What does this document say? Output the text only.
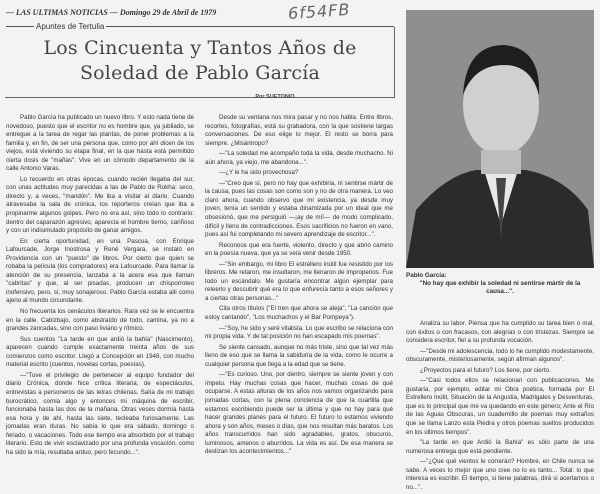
— LAS ULTIMAS NOTICIAS — Domingo 29 de Abril de 1979	6f54FB
Apuntes de Tertulia
Los Cincuenta y Tantos Años de
Soledad de Pablo García
Por SUETONIO

Pablo García ha publicado un nuevo libro. Y esto nada tiene de novedoso, puesto que el escritor no es hombre que, ya jubilado, se entregue a la tarea de regar las plantas, de poner problemas a la familia y, en fin, de ser una persona que, como por ahí dicen de los viejos, está viviendo su etapa final, en la que hasta está permitido cierta dosis de "mañas". Vive en un cómodo departamento de la calle Antonio Varas.

Lo recuerdo en otras épocas, cuando recién llegaba del sur, con unas actitudes muy parecidas a las de Pablo de Rokha: seco, directo y, a veces, "mandón". Me iba a visitar al diario. Cuando atravesaba la sala de crónica, los reporteros creían que iba a propinarme algunos golpes. Pero no era así, sino todo lo contrario: dentro del caparazón agresivo, aparecía el hombre tierno, cariñoso y con un indisimulado propósito de ganar amigos.

En cierta oportunidad, en una Pascua, con Enrique Lafourcade, Jorge Inostrosa y René Vergara, se instaló en Providencia con un "puesto" de libros. Por cierto que quien se robaba la película (los compradores) era Lafourcade. Para llamar la atención de su presencia, lanzaba a la acera esa que llaman "cabritas" y que, al ser pisadas, producen un chisporroteo inofensivo, pero, sí, muy sonajeroso. Pablo García estaba allí como ajeno al mundo circundante.

No frecuenta los cenáculos literarios. Rara vez se le encuentra en la calle. Cabizbajo, como abstraído de todo, camina, ya no a grandes zancadas, sino con paso liviano y rítmico.

Sus cuentos "La tarde en que ardió la bahía" (Nascimento), aparecen cuando cumple exactamente treinta años de sus comienzos como escritor. Llegó a Concepción en 1948, con mucho material escrito (cuentos, novelas cortas, poesías).

—"Tuve el privilegio de pertenecer al equipo fundador del diario Crónica, donde hice crítica literaria, de espectáculos, entrevistas a personeros de las letras chilenas. Salía de mi trabajo burocrático, comía algo y entonces mi máquina de escribir, funcionaba hasta las dos de la mañana. Otras veces dormía hasta esa hora y de ahí, hasta las siete, tecleaba furiosamente. Las jornadas eran duras. No sabía lo que era sábado, domingo o feriado, o vacaciones. Todo ese tiempo era absorbido por el trabajo literario. Esto de vivir esclavizado por una profunda vocación, como ha sido la mía, resultaba arduo, pero fecundo...".

Desde su ventana nos mira pasar y no nos habla. Entre libros, recortes, fotografías, está su grabadora, con la que sostiene largas conversaciones. De eso elige lo mejor. El resto se borra para siempre. ¿Misántropo?

—"La soledad me acompañó toda la vida, desde muchacho. Ni aún ahora, ya viejo, me abandona...".

—¿Y le ha sido provechosa?

—"Creo que sí, pero no hay que exhibirla, ni sentirse mártir de la causa, pues las cosas son como son y no de otra manera. Lo veo claro ahora, cuando observo que mi existencia, ya desde muy joven, tenía un sentido y estaba dinamizada por un ideal que me obsesionó, que me persiguió —¡ay de mí!— de modo complicado, difícil y lleno de contradicciones. Esos sacrificios no fueron en vano, pues así fui completando mi severo aprendizaje de escritor...".

Reconoce que era fuerte, violento, directo y que abrió camino en la poesía nueva, que ya se veía venir desde 1950.

—"Sin embargo, mi libro El estrellero inútil fue resistido por los libreros. Me retaron, me insultaron, me llenaron de improperios. Fue todo un escándalo. Me gustaría encontrar algún ejemplar para releerlo y descubrir qué era lo que enfurecía tanto a esos señores y a ciertas otras personas..."

Cita otros títulos ("El tren que ahora se aleja", "La canción que estoy cantando", "Los muchachos y el Bar Pompeya").

—"Soy, he sido y seré vitalista. Lo que escribo se relaciona con mi propia vida. Y de tal posición no han escapado mis poemas".

Se siente cansado, aunque no más triste, sino que tal vez más lleno de eso que se llama la sabiduría de la vida, como le ocurre a cualquier persona que llega a la edad que se tiene.

—"Es curioso. Uno, por dentro, siempre se siente joven y con ímpetu. Hay muchas cosas que hacer, muchas cosas de qué ocuparse. A estas alturas de los años nos vamos organizando para jornadas cortas, con la plena conciencia de que la cuartilla que estamos escribiendo puede ser la última y que no hay para qué hacer grandes planes para el futuro. El futuro lo estamos viviendo ahora y son años, meses o días, que nos resultan más baratos. Los años transcurridos han sido agradables, gratos, obscuros, luminosos, amenos o aburridos. La vida es así. De esa manera se deslizan los acontecimientos..."

Pablo García:
"No hay que exhibir la soledad ni sentirse mártir de la causa...".

Analiza su labor. Piensa que ha cumplido su tarea bien o mal, con éxitos o con fracasos, con alegrías o con tristezas. Siempre se considera escritor, fiel a su profunda vocación.

—"Desde mi adolescencia, todo lo he cumplido modestamente, obscuramente, misteriosamente, según afirman algunos".

¿Proyectos para el futuro? Los tiene, por cierto.

—"Casi todos ellos se relacionan con publicaciones. Me gustaría, por ejemplo, editar mi Obra poética, formada por El Estrellero Inútil, Situación de la Angustia, Madrigales y Desventuras, que es lo principal que me va quedando en este género; Ante el Río de las Aguas Obscuras, un cuadernillo de poemas muy extraños que se llama Lanzo esta Piedra y otros poemas sueltos producidos en los últimos tiempos".

"La tarde en que Ardió la Bahía" es sólo parte de una numerosa entrega que está pendiente.

—"¿Que qué vientos le correrán? Hombre, en Chile nunca se sabe. A veces lo mejor que uno cree no lo es tanto... Total: lo que interesa es escribir. El tiempo, si tiene palabras, dirá si acertamos o no...".
